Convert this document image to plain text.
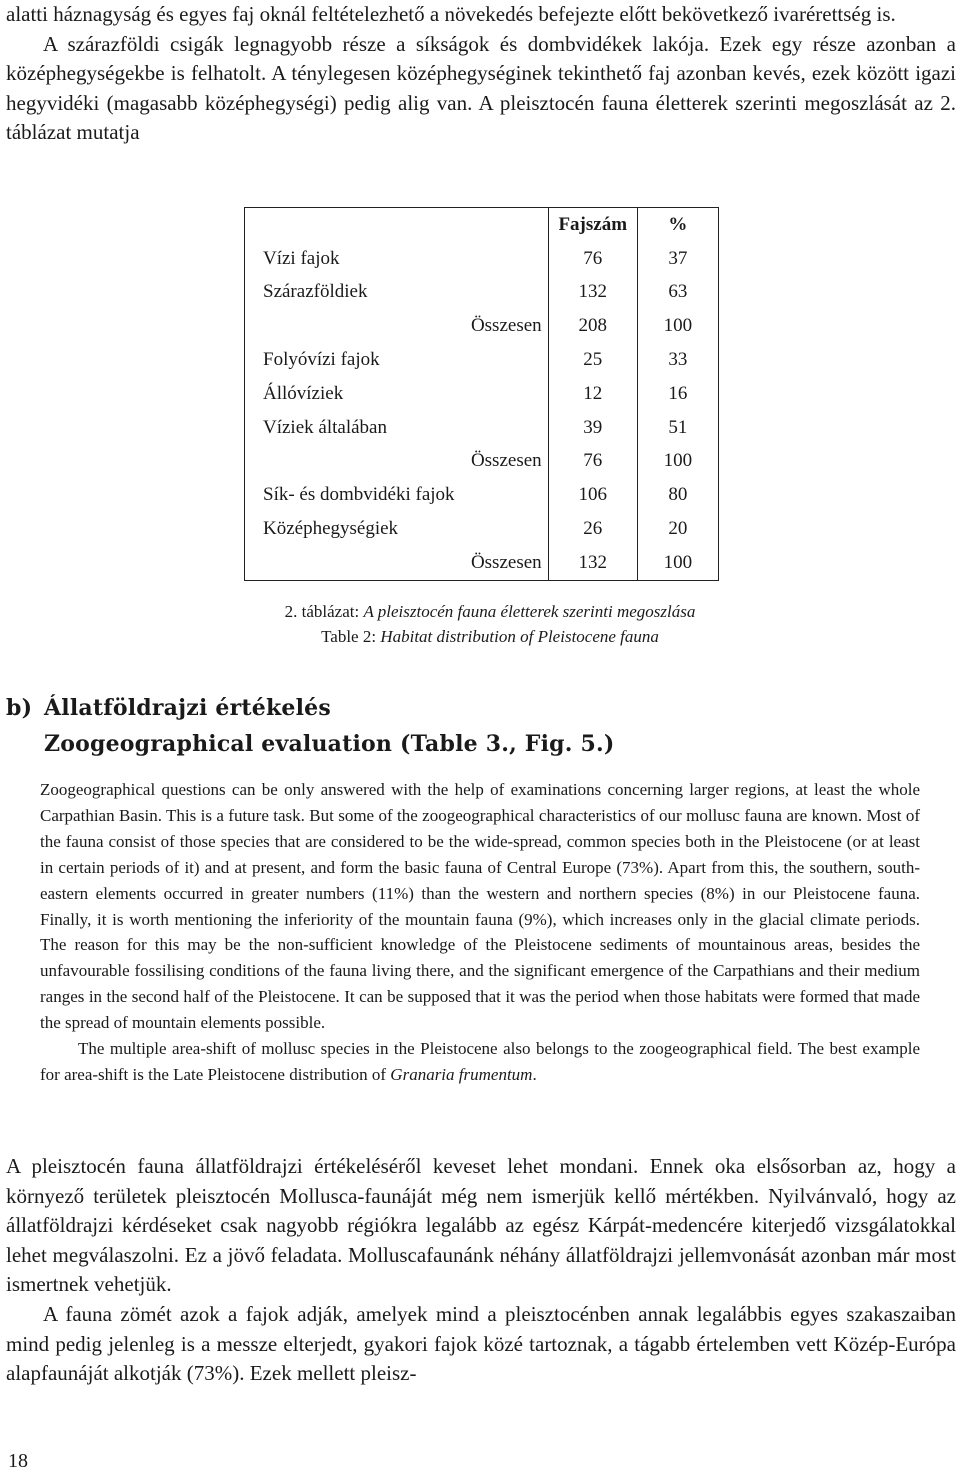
alatti háznagyság és egyes faj oknál feltételezhető a növekedés befejezte előtt bekövetkező ivarérettség is.

A szárazföldi csigák legnagyobb része a síkságok és dombvidékek lakója. Ezek egy része azonban a középhegységekbe is felhatolt. A ténylegesen középhegységinek tekinthető faj azonban kevés, ezek között igazi hegyvidéki (magasabb középhegységi) pedig alig van. A pleisztocén fauna életterek szerinti megoszlását az 2. táblázat mutatja

	Fajszám	%
Vízi fajok	76	37
Szárazföldiek	132	63
Összesen	208	100
Folyóvízi fajok	25	33
Állóvíziek	12	16
Víziek általában	39	51
Összesen	76	100
Sík- és dombvidéki fajok	106	80
Középhegységiek	26	20
Összesen	132	100
2. táblázat: A pleisztocén fauna életterek szerinti megoszlása
Table 2: Habitat distribution of Pleistocene fauna
b) Állatföldrajzi értékelés
Zoogeographical evaluation (Table 3., Fig. 5.)

Zoogeographical questions can be only answered with the help of examinations concerning larger regions, at least the whole Carpathian Basin. This is a future task. But some of the zoogeographical characteristics of our mollusc fauna are known. Most of the fauna consist of those species that are considered to be the wide-spread, common species both in the Pleistocene (or at least in certain periods of it) and at present, and form the basic fauna of Central Europe (73%). Apart from this, the southern, south-eastern elements occurred in greater numbers (11%) than the western and northern species (8%) in our Pleistocene fauna. Finally, it is worth mentioning the inferiority of the mountain fauna (9%), which increases only in the glacial climate periods. The reason for this may be the non-sufficient knowledge of the Pleistocene sediments of mountainous areas, besides the unfavourable fossilising conditions of the fauna living there, and the significant emergence of the Carpathians and their medium ranges in the second half of the Pleistocene. It can be supposed that it was the period when those habitats were formed that made the spread of mountain elements possible.

The multiple area-shift of mollusc species in the Pleistocene also belongs to the zoogeographical field. The best example for area-shift is the Late Pleistocene distribution of Granaria frumentum.

A pleisztocén fauna állatföldrajzi értékeléséről keveset lehet mondani. Ennek oka elsősorban az, hogy a környező területek pleisztocén Mollusca-faunáját még nem ismerjük kellő mértékben. Nyilvánvaló, hogy az állatföldrajzi kérdéseket csak nagyobb régiókra legalább az egész Kárpát-medencére kiterjedő vizsgálatokkal lehet megválaszolni. Ez a jövő feladata. Molluscafaunánk néhány állatföldrajzi jellemvonását azonban már most ismertnek vehetjük.

A fauna zömét azok a fajok adják, amelyek mind a pleisztocénben annak legalábbis egyes szakaszaiban mind pedig jelenleg is a messze elterjedt, gyakori fajok közé tartoznak, a tágabb értelemben vett Közép-Európa alapfaunáját alkotják (73%). Ezek mellett pleisz-

18
